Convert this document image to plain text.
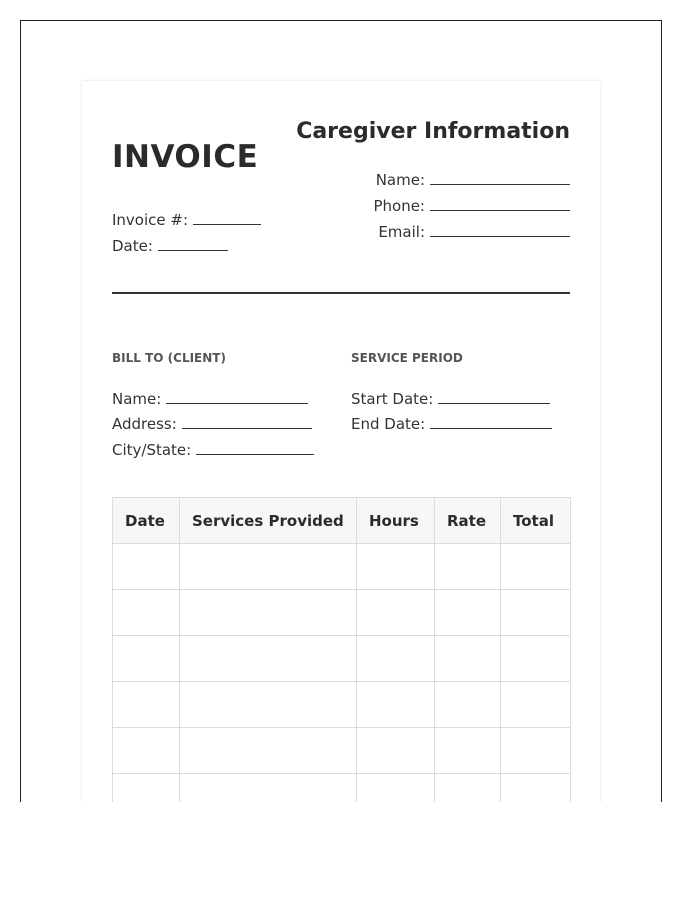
INVOICE
Caregiver Information
Name:
Phone:
Email:
Invoice #:
Date:
BILL TO (CLIENT)
Name:
Address:
City/State:
SERVICE PERIOD
Start Date:
End Date:
Date	Services Provided	Hours	Rate	Total
